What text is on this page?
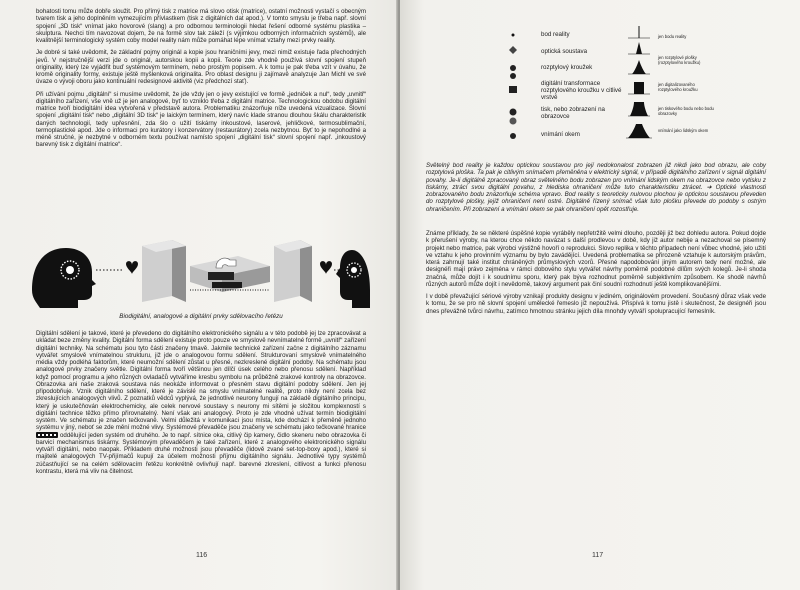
bohatosti tomu může dobře sloužit. Pro přímý tisk z matrice má slovo otisk (matrice), ostatní možnosti vystačí s obecným tvarem tisk a jeho doplněním vymezujícím přívlastkem (tisk z digitálních dat apod.). V tomto smyslu je třeba např. slovní spojení „3D tisk“ vnímat jako hovorové (slang) a pro odbornou terminologii hledat řešení odborné systému plastika – skulptura. Nechci tím navozovat dojem, že na formě slov tak záleží (s výjimkou odborných informačních systémů), ale kvalitnější terminologický systém coby model reality nám může pomáhat lépe vnímat vztahy mezi prvky reality.

Je dobré si také uvědomit, že základní pojmy originál a kopie jsou hraničními jevy, mezi nimiž existuje řada přechodných jevů. V nejstručnější verzi jde o originál, autorskou kopii a kopii. Teorie zde vhodně používá slovní spojení stupeň originality, který lze vyjádřit buď systémovým termínem, nebo prostým popisem. A k tomu je pak třeba vzít v úvahu, že kromě originality formy, existuje ještě myšlenková originalita. Pro oblast designu ji zajímavě analyzuje Jan Michl ve své úvaze o vývoji oboru jako kontinuální redesignové aktivitě (viz předchozí stať).

Při užívání pojmu „digitální“ si musíme uvědomit, že jde vždy jen o jevy existující ve formě „jedniček a nul“, tedy „uvnitř“ digitálního zařízení, vše vně už je jen analogové, byť to vzniklo třeba z digitální matrice. Technologickou obdobu digitální matrice tvoří biodigitální idea vytvořená v představě autora. Problematiku znázorňuje níže uvedená vizualizace. Slovní spojení „digitální tisk“ nebo „digitální 3D tisk“ je laickým termínem, který navíc klade stranou dlouhou škálu charakteristik daných technologií, tedy upřesnění, zda šlo o užití tiskárny inkoustové, laserové, jehličkové, termosublimační, termoplastické apod. Jde o informaci pro kurátory i konzervátory (restaurátory) zcela nezbytnou. Byť to je nepohodlné a méně stručné, je nezbytné v odborném textu používat namísto spojení „digitální tisk“ slovní spojení např. „inkoustový barevný tisk z digitální matrice“.

Biodigitální, analogové a digitální prvky sdělovacího řetězu

Digitální sdělení je takové, které je převedeno do digitálního elektronického signálu a v této podobě jej lze zpracovávat a ukládat beze změny kvality. Digitální forma sdělení existuje proto pouze ve smyslově nevnímatelné formě „uvnitř“ zařízení digitální techniky. Na schématu jsou tyto části značeny tmavě. Jakmile technické zařízení začne z digitálního záznamu vytvářet smyslově vnímatelnou strukturu, již jde o analogovou formu sdělení. Strukturovaní smyslově vnímatelného média vždy podléhá faktorům, které neumožní sdělení zůstat u přesné, nezkreslené digitální podoby. Na schématu jsou analogové prvky značeny světle. Digitální forma tvoří většinou jen dílčí úsek celého nebo přenosu sdělení. Například když pomocí programu a jeho různých ovladačů vytváříme kresbu symbolu na průběžně zrakové kontroly na obrazovce. Obrazovka ani naše zraková soustava nás neokáže informovat o přesném stavu digitální podoby sdělení. Jen jej připodobňuje. Vznik digitálního sdělení, které je závislé na smyslu vnímatelné realitě, proto nikdy není zcela bez zkreslujících analogových vlivů. Z poznatků vědců vyplývá, že jednotlivé neurony fungují na základě digitálního principu, který je uskutečňován elektrochemicky, ale celek nervové soustavy s neurony mi sítěmi je složitou komplexností s digitální technice těžko přímo přirovnatelný. Není však ani analogový. Proto je zde vhodné užívat termín biodigitální systém. Ve schématu je značen tečkovaně. Velmi důležitá v komunikaci jsou místa, kde dochází k přeměně jednoho systému v jiný, neboť se zde mění možné vlivy. Systémové převaděče jsou značeny ve schématu jako tečkované hranice

oddělující jeden systém od druhého. Je to např. sítnice oka, citlivý čip kamery, čidlo skeneru nebo obrazovka či barvicí mechanismus tiskárny. Systémovým převaděčem je také zařízení, které z analogového elektronického signálu vytváří digitální, nebo naopak. Příkladem druhé možnosti jsou převaděče (lidově zvané set-top-boxy apod.), které si majitelé analogových TV-přijímačů kupují za účelem možnosti příjmu digitálního signálu. Jednotlivé typy systémů zúčastňující se na celém sdělovacím řetězu konkrétně ovlivňují např. barevné zkreslení, citlivost a funkci přenosu kontrastu, která má vliv na čitelnost.
116
bod reality
optická soustava
rozptylový kroužek
digitální transformace rozptylového kroužku v citlivé vrstvě
tisk, nebo zobrazení na obrazovce
vnímání okem
jen bodu reality
jen rozptylové plošky (rozptylového kroužku)
jen digitalizovaného rozptylového kroužku
jen tiskového bodu nebo bodu obrazovky
vnímání jako lidským okem
Světelný bod reality je každou optickou soustavou pro její nedokonalost zobrazen již nikdi jako bod obrazu, ale coby rozptylová ploška. Ta pak je citlivým snímačem přeměněna v elektrický signál, v případě digitálního zařízení v signál digitální povahy. Je-li digitálně zpracovaný obraz světelného bodu zobrazen pro vnímání lidským okem na obrazovce nebo vytisku z tiskárny, ztrácí svou digitální povahu, z hlediska ohraničení může tuto charakteristiku ztrácet. ➜ Optické vlastnosti zobrazovaného bodu znázorňuje schéma vpravo. Bod reality s teoreticky nulovou plochou je optickou soustavou převeden do rozptylové plošky, jejíž ohraničení není ostré. Digitálně řízený snímač však tuto plošku převede do podoby s ostrým ohraničením. Při zobrazení a vnímání okem se pak ohraničení opět rozostřuje.

Známe příklady, že se některé úspěšné kopie vyráběly nepřetržitě velmi dlouho, později již bez dohledu autora. Pokud dojde k přerušení výroby, na kterou chce někdo navázat s další prodlevou v době, kdy již autor nebije a nezachoval se písemný projekt nebo matrice, pak výrobci výstižně hovoří o reprodukci. Slovo replika v těchto případech není vůbec vhodné, jelo užití ve vztahu k jeho provinním významu by bylo zavádějící. Uvedená problematika se přirozeně vztahuje k autorským právům, která zahrnují také institut chráněných průmyslových vzorů. Přesné napodobování jiným autorem tedy není možné, ale designéři mají právo zejména v rámci dobového stylu vytvářet návrhy poměrně podobné dílům svých kolegů. Je-li shoda značná, může dojít i k soudnímu sporu, který pak býva rozhodnut poměrně subjektivním způsobem. Ke shodě návrhů různých autorů může dojít i nevědomě, takový argument pak činí soudní rozhodnutí ještě komplikovanějšími.

I v době převažující sériové výroby vznikají produkty designu v jediném, originálovém provedení. Současný důraz však vede k tomu, že se pro ně slovní spojení umělecké řemeslo již nepoužívá. Přispívá k tomu jistě i skutečnost, že designéři jsou dnes převážně tvůrci návrhu, zatímco hmotnou stránku jejich díla mnohdy vytváří spolupracující řemeslník.

117
